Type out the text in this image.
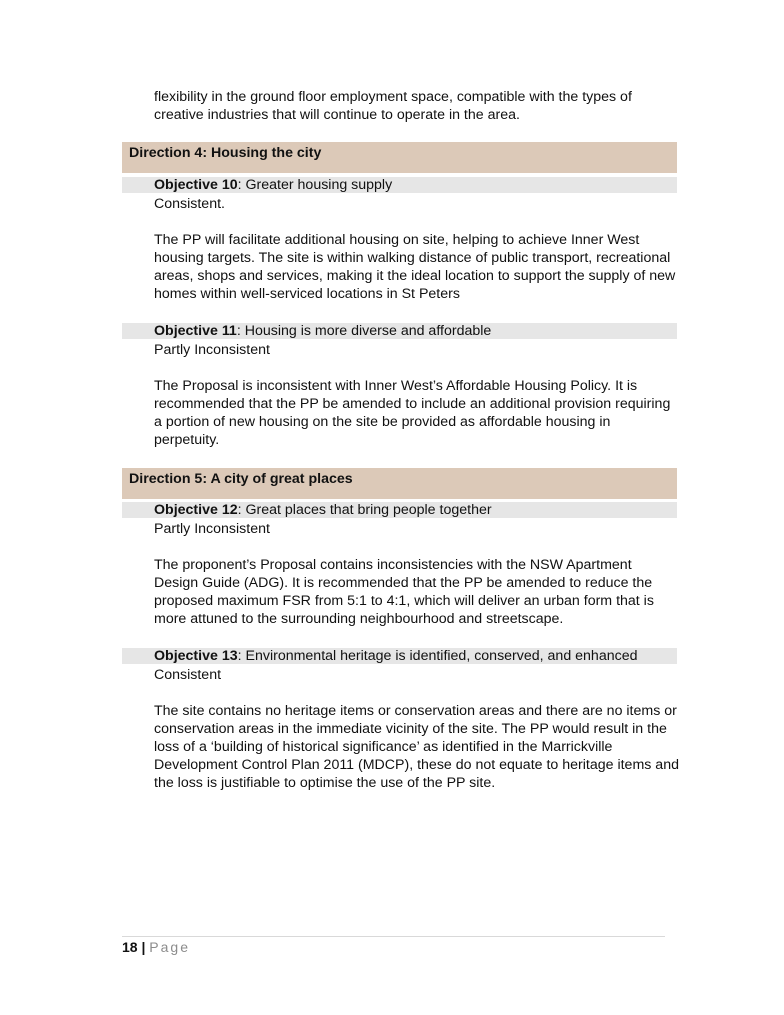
flexibility in the ground floor employment space, compatible with the types of creative industries that will continue to operate in the area.

Direction 4: Housing the city
Objective 10: Greater housing supply
Consistent.

The PP will facilitate additional housing on site, helping to achieve Inner West housing targets. The site is within walking distance of public transport, recreational areas, shops and services, making it the ideal location to support the supply of new homes within well-serviced locations in St Peters

Objective 11: Housing is more diverse and affordable
Partly Inconsistent

The Proposal is inconsistent with Inner West’s Affordable Housing Policy. It is recommended that the PP be amended to include an additional provision requiring a portion of new housing on the site be provided as affordable housing in perpetuity.

Direction 5: A city of great places
Objective 12: Great places that bring people together
Partly Inconsistent

The proponent’s Proposal contains inconsistencies with the NSW Apartment Design Guide (ADG). It is recommended that the PP be amended to reduce the proposed maximum FSR from 5:1 to 4:1, which will deliver an urban form that is more attuned to the surrounding neighbourhood and streetscape.

Objective 13: Environmental heritage is identified, conserved, and enhanced
Consistent

The site contains no heritage items or conservation areas and there are no items or conservation areas in the immediate vicinity of the site. The PP would result in the loss of a ‘building of historical significance’ as identified in the Marrickville Development Control Plan 2011 (MDCP), these do not equate to heritage items and the loss is justifiable to optimise the use of the PP site.

18 | Page
